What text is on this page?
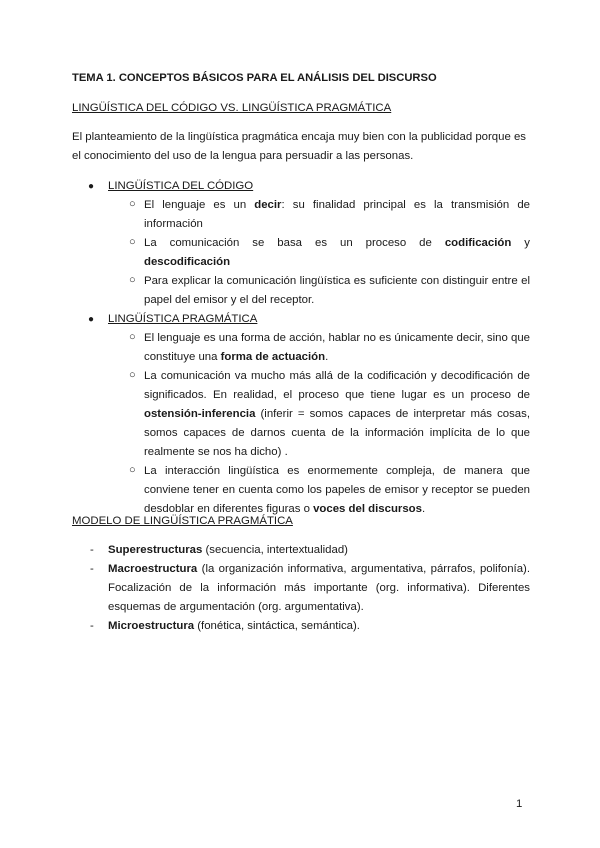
TEMA 1. CONCEPTOS BÁSICOS PARA EL ANÁLISIS DEL DISCURSO

LINGÜÍSTICA DEL CÓDIGO VS. LINGÜÍSTICA PRAGMÁTICA

El planteamiento de la lingüística pragmática encaja muy bien con la publicidad porque es el conocimiento del uso de la lengua para persuadir a las personas.

● LINGÜÍSTICA DEL CÓDIGO

○ El lenguaje es un decir: su finalidad principal es la transmisión de información

○ La comunicación se basa es un proceso de codificación y descodificación

○ Para explicar la comunicación lingüística es suficiente con distinguir entre el papel del emisor y el del receptor.

● LINGÜÍSTICA PRAGMÁTICA

○ El lenguaje es una forma de acción, hablar no es únicamente decir, sino que constituye una forma de actuación.

○ La comunicación va mucho más allá de la codificación y decodificación de significados. En realidad, el proceso que tiene lugar es un proceso de ostensión-inferencia (inferir = somos capaces de interpretar más cosas, somos capaces de darnos cuenta de la información implícita de lo que realmente se nos ha dicho) .

○ La interacción lingüística es enormemente compleja, de manera que conviene tener en cuenta como los papeles de emisor y receptor se pueden desdoblar en diferentes figuras o voces del discursos.

MODELO DE LINGÜÍSTICA PRAGMÁTICA

- Superestructuras (secuencia, intertextualidad)

- Macroestructura (la organización informativa, argumentativa, párrafos, polifonía). Focalización de la información más importante (org. informativa). Diferentes esquemas de argumentación (org. argumentativa).

- Microestructura (fonética, sintáctica, semántica).

1
